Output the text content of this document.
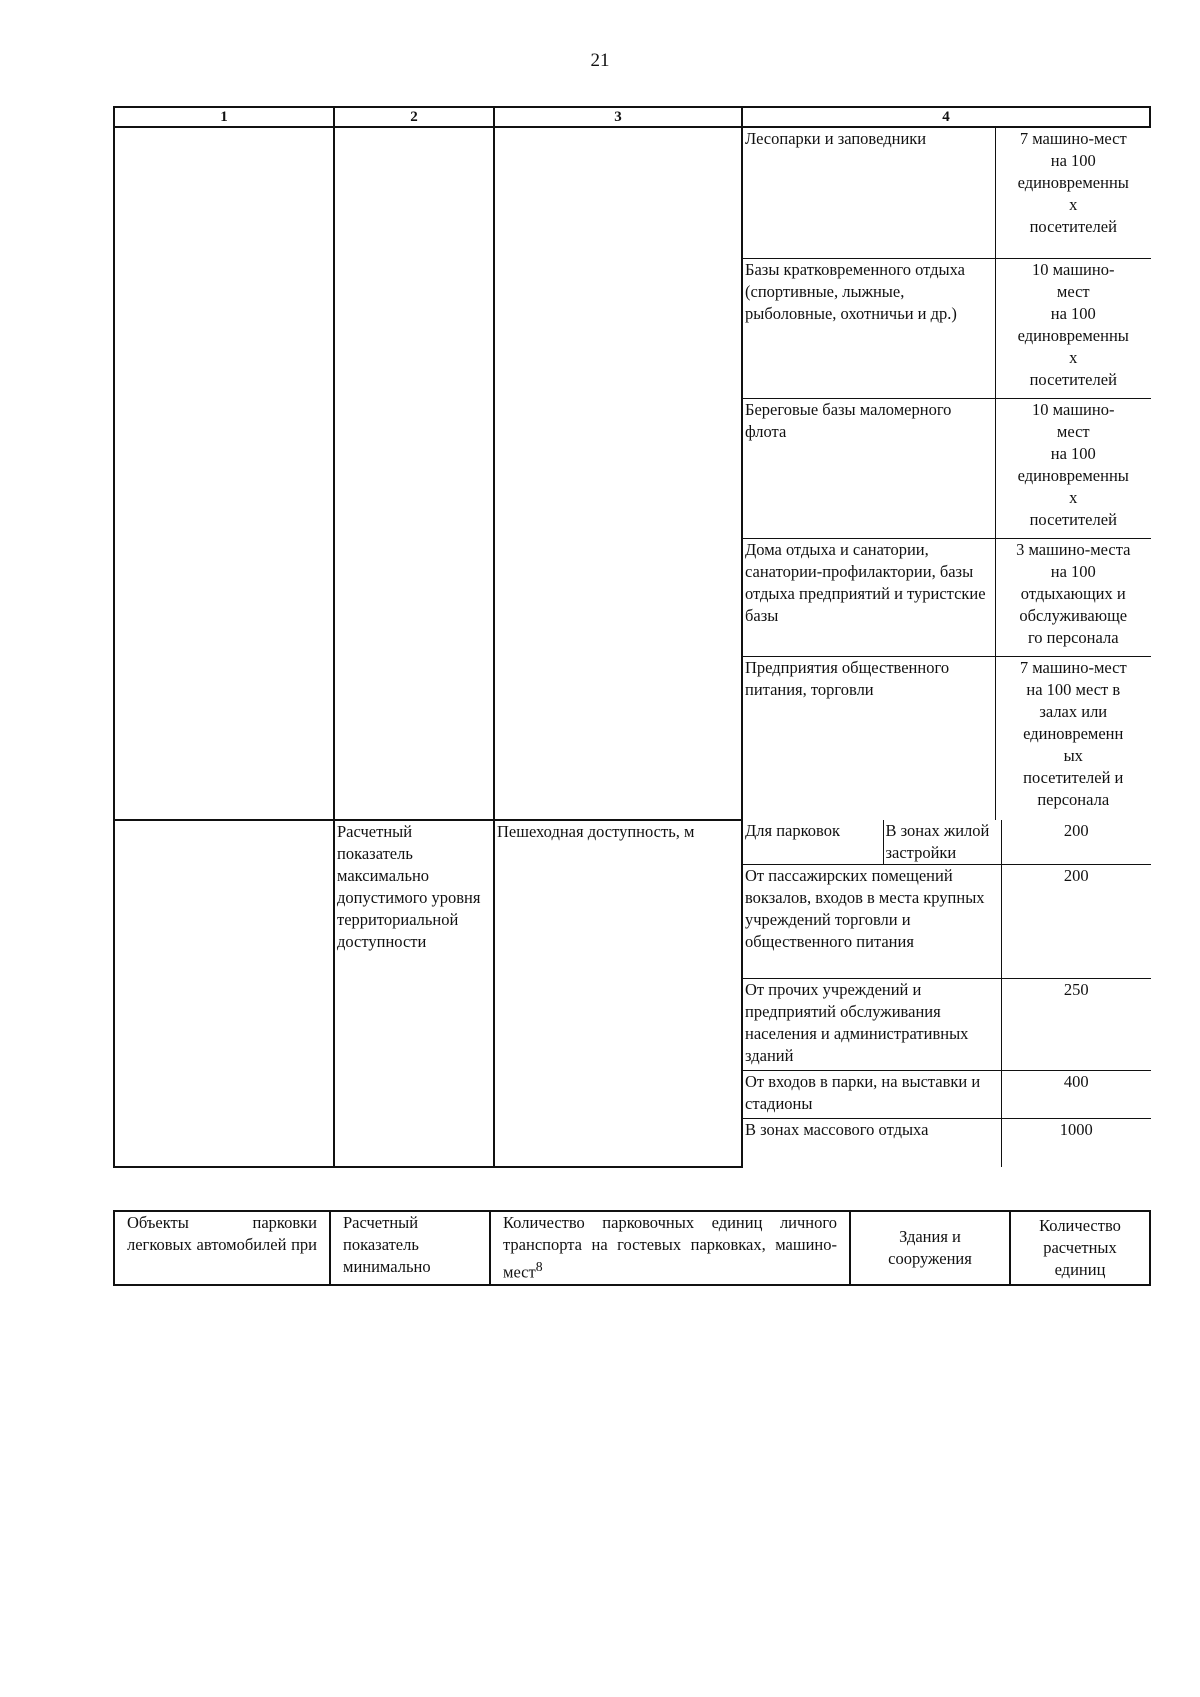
21
1	2	3	4

Лесопарки и заповедники	7 машино-мест
на 100
единовременны
х
посетителей
Базы кратковременного отдыха (спортивные, лыжные, рыболовные, охотничьи и др.)	10 машино-
мест
на 100
единовременны
х
посетителей
Береговые базы маломерного флота	10 машино-
мест
на 100
единовременны
х
посетителей
Дома отдыха и санатории, санатории-профилактории, базы отдыха предприятий и туристские базы	3 машино-места
на 100
отдыхающих и
обслуживающе
го персонала
Предприятия общественного питания, торговли	7 машино-мест
на 100 мест в
залах или
единовременн
ых
посетителей и
персонала

	Расчетный показатель максимально допустимого уровня территориальной доступности	Пешеходная доступность, м		Для парковок	В зонах жилой застройки	200
От пассажирских помещений вокзалов, входов в места крупных учреждений торговли и общественного питания	200
От прочих учреждений и предприятий обслуживания населения и административных зданий	250
От входов в парки, на выставки и стадионы	400
В зонах массового отдыха	1000
Объекты парковки легковых автомобилей при	Расчетный показатель минимально	Количество парковочных единиц личного транспорта на гостевых парковках, машино-мест$^8$	Здания и сооружения	Количество расчетных единиц
